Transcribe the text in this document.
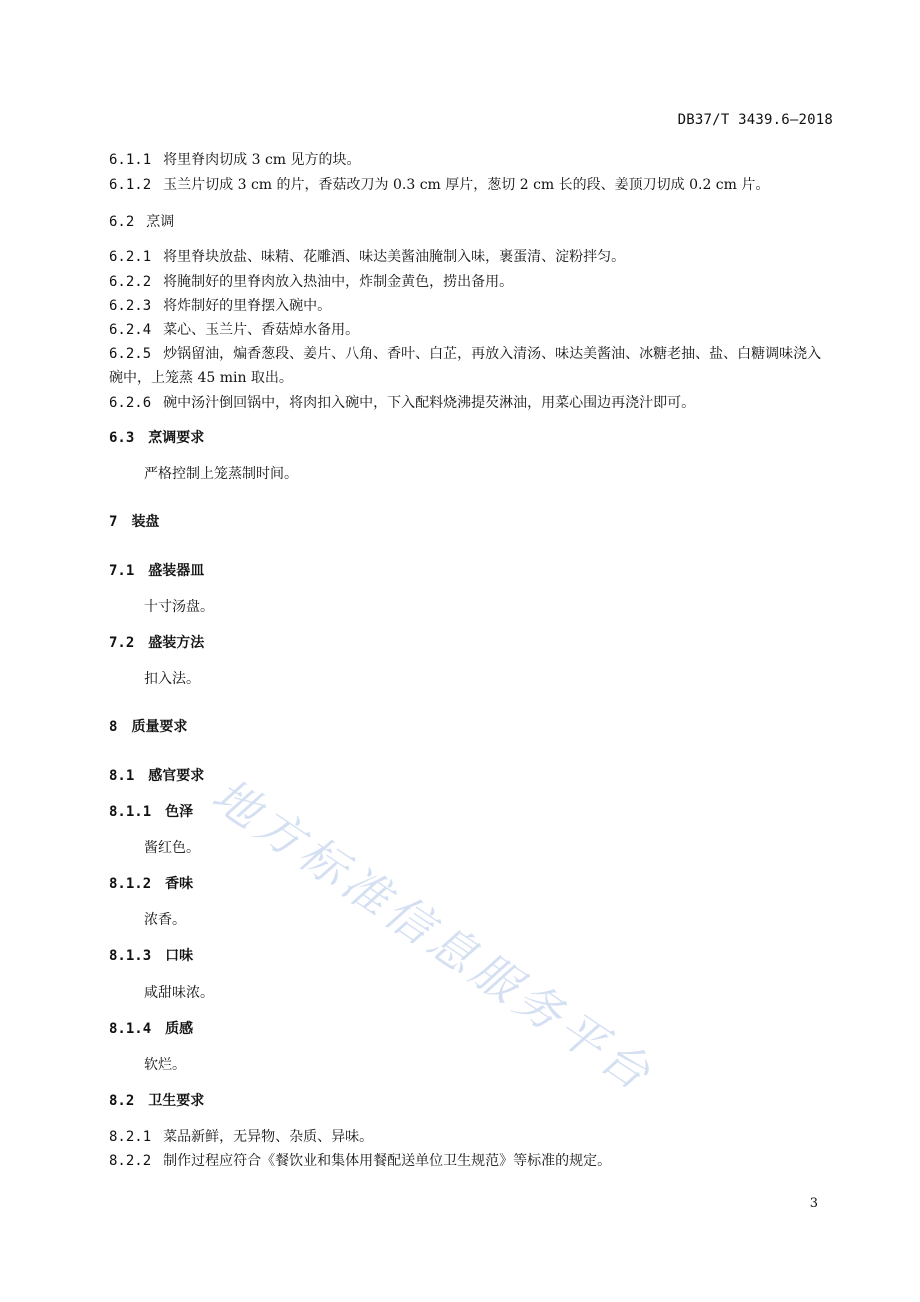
DB37/T 3439.6—2018
6.1.1 将里脊肉切成 3 cm 见方的块。
6.1.2 玉兰片切成 3 cm 的片，香菇改刀为 0.3 cm 厚片，葱切 2 cm 长的段、姜顶刀切成 0.2 cm 片。
6.2 烹调
6.2.1 将里脊块放盐、味精、花雕酒、味达美酱油腌制入味，裹蛋清、淀粉拌匀。
6.2.2 将腌制好的里脊肉放入热油中，炸制金黄色，捞出备用。
6.2.3 将炸制好的里脊摆入碗中。
6.2.4 菜心、玉兰片、香菇焯水备用。
6.2.5 炒锅留油，煸香葱段、姜片、八角、香叶、白芷，再放入清汤、味达美酱油、冰糖老抽、盐、白糖调味浇入碗中，上笼蒸 45 min 取出。
6.2.6 碗中汤汁倒回锅中，将肉扣入碗中，下入配料烧沸提芡淋油，用菜心围边再浇汁即可。
6.3 烹调要求
严格控制上笼蒸制时间。
7 装盘
7.1 盛装器皿
十寸汤盘。
7.2 盛装方法
扣入法。
8 质量要求
8.1 感官要求
8.1.1 色泽
酱红色。
8.1.2 香味
浓香。
8.1.3 口味
咸甜味浓。
8.1.4 质感
软烂。
8.2 卫生要求
8.2.1 菜品新鲜，无异物、杂质、异味。
8.2.2 制作过程应符合《餐饮业和集体用餐配送单位卫生规范》等标准的规定。
地方标准信息服务平台
3
